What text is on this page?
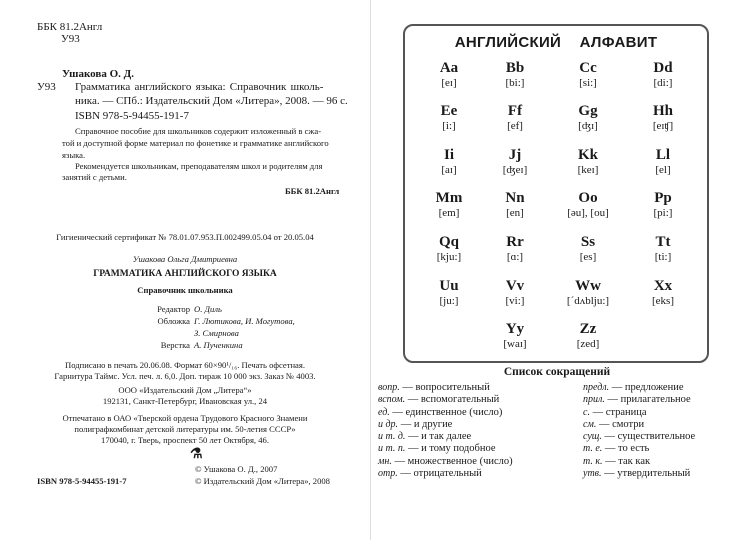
ББК 81.2Англ
У93
Ушакова О. Д.
У93 Грамматика английского языка: Справочник школь-
ника. — СПб.: Издательский Дом «Литера», 2008. — 96 с.
ISBN 978-5-94455-191-7
Справочное пособие для школьников содержит изложенный в сжа-
той и доступной форме материал по фонетике и грамматике английского
языка.
Рекомендуется школьникам, преподавателям школ и родителям для
занятий с детьми.
ББК 81.2Англ
Гигиенический сертификат № 78.01.07.953.П.002499.05.04 от 20.05.04
Ушакова Ольга Дмитриевна
ГРАММАТИКА АНГЛИЙСКОГО ЯЗЫКА
Справочник школьника
Редактор О. Диль
Обложка Г. Лютикова, И. Могутова,
З. Смирнова
Верстка А. Пученкина
Подписано в печать 20.06.08. Формат 60×90¹/₁₆. Печать офсетная.
Гарнитура Таймс. Усл. печ. л. 6,0. Доп. тираж 10 000 экз. Заказ № 4003.
ООО «Издательский Дом „Литера“»
192131, Санкт-Петербург, Ивановская ул., 24
Отпечатано в ОАО «Тверской ордена Трудового Красного Знамени
полиграфкомбинат детской литературы им. 50-летия СССР»
170040, г. Тверь, проспект 50 лет Октября, 46.
⚗
© Ушакова О. Д., 2007
© Издательский Дом «Литера», 2008
ISBN 978-5-94455-191-7
АНГЛИЙСКИЙ АЛФАВИТ
Aa
[eɪ]
Bb
[bi:]
Cc
[si:]
Dd
[di:]
Ee
[i:]
Ff
[ef]
Gg
[ʤɪ]
Hh
[eɪʧ]
Ii
[aɪ]
Jj
[ʤeɪ]
Kk
[keɪ]
Ll
[el]
Mm
[em]
Nn
[en]
Oo
[əu], [ou]
Pp
[pi:]
Qq
[kju:]
Rr
[ɑ:]
Ss
[es]
Tt
[ti:]
Uu
[ju:]
Vv
[vi:]
Ww
[ˊdʌblju:]
Xx
[eks]
Yy
[waɪ]
Zz
[zed]
Список сокращений
вопр. — вопросительный
вспом. — вспомогательный
ед. — единственное (число)
и др. — и другие
и т. д. — и так далее
и т. п. — и тому подобное
мн. — множественное (число)
отр. — отрицательный
предл. — предложение
прил. — прилагательное
с. — страница
см. — смотри
сущ. — существительное
т. е. — то есть
т. к. — так как
утв. — утвердительный
